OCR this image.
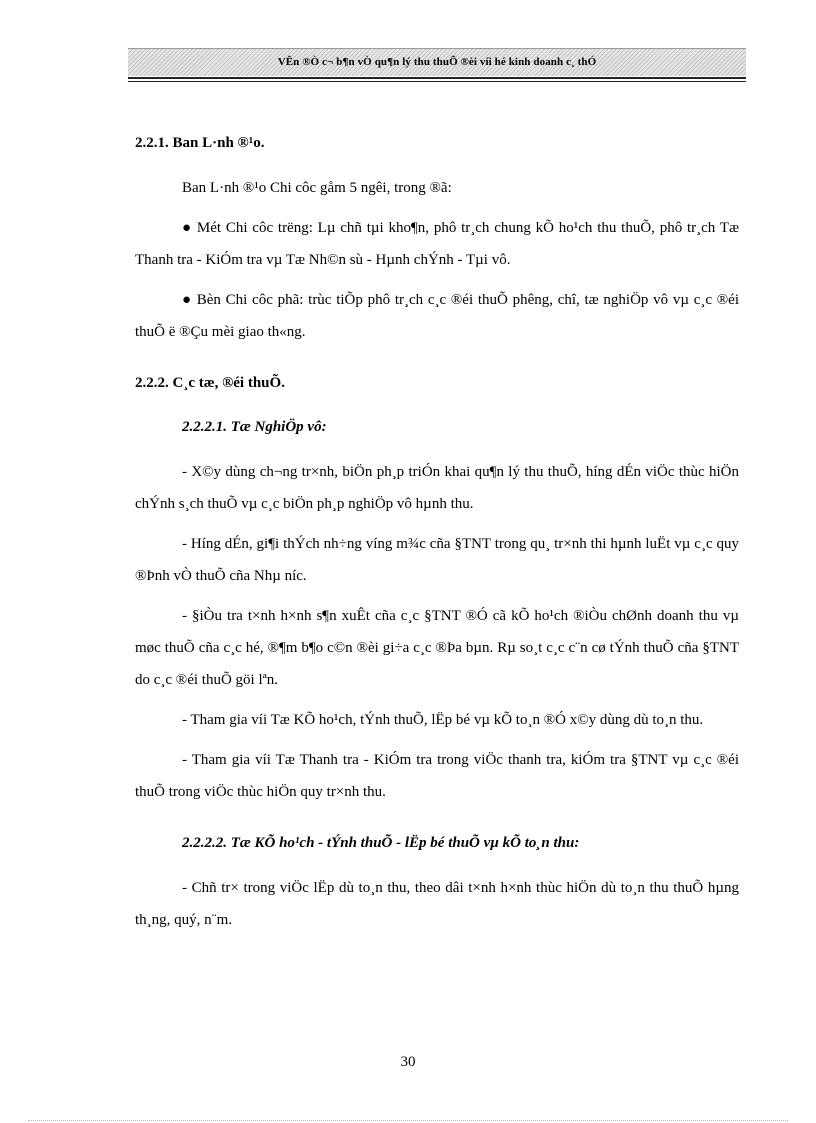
VÊn ®Ò c¬ b¶n vÒ qu¶n lý thu thuÕ ®èi víi hé kinh doanh c¸ thÓ

2.2.1. Ban L·nh ®¹o.

Ban L·nh ®¹o Chi côc gåm 5 ngêi, trong ®ã:

● Mét Chi côc trëng: Lµ chñ tµi kho¶n, phô tr¸ch chung kÕ ho¹ch thu thuÕ, phô tr¸ch Tæ Thanh tra - KiÓm tra vµ Tæ Nh©n sù - Hµnh chÝnh - Tµi vô.

● Bèn Chi côc phã: trùc tiÕp phô tr¸ch c¸c ®éi thuÕ phêng, chî, tæ nghiÖp vô vµ c¸c ®éi thuÕ ë ®Çu mèi giao th«ng.

2.2.2. C¸c tæ, ®éi thuÕ.

2.2.2.1. Tæ NghiÖp vô:

- X©y dùng ch¬ng tr×nh, biÖn ph¸p triÓn khai qu¶n lý thu thuÕ, híng dÉn viÖc thùc hiÖn chÝnh s¸ch thuÕ vµ c¸c biÖn ph¸p nghiÖp vô hµnh thu.

- Híng dÉn, gi¶i thÝch nh÷ng víng m¾c cña §TNT trong qu¸ tr×nh thi hµnh luËt vµ c¸c quy ®Þnh vÒ thuÕ cña Nhµ níc.

- §iÒu tra t×nh h×nh s¶n xuÊt cña c¸c §TNT ®Ó cã kÕ ho¹ch ®iÒu chØnh doanh thu vµ møc thuÕ cña c¸c hé, ®¶m b¶o c©n ®èi gi÷a c¸c ®Þa bµn. Rµ so¸t c¸c c¨n cø tÝnh thuÕ cña §TNT do c¸c ®éi thuÕ göi lªn.

- Tham gia víi Tæ KÕ ho¹ch, tÝnh thuÕ, lËp bé vµ kÕ to¸n ®Ó x©y dùng dù to¸n thu.

- Tham gia víi Tæ Thanh tra - KiÓm tra trong viÖc thanh tra, kiÓm tra §TNT vµ c¸c ®éi thuÕ trong viÖc thùc hiÖn quy tr×nh thu.

2.2.2.2. Tæ KÕ ho¹ch - tÝnh thuÕ - lËp bé thuÕ vµ kÕ to¸n thu:

- Chñ tr× trong viÖc lËp dù to¸n thu, theo dâi t×nh h×nh thùc hiÖn dù to¸n thu thuÕ hµng th¸ng, quý, n¨m.

30
